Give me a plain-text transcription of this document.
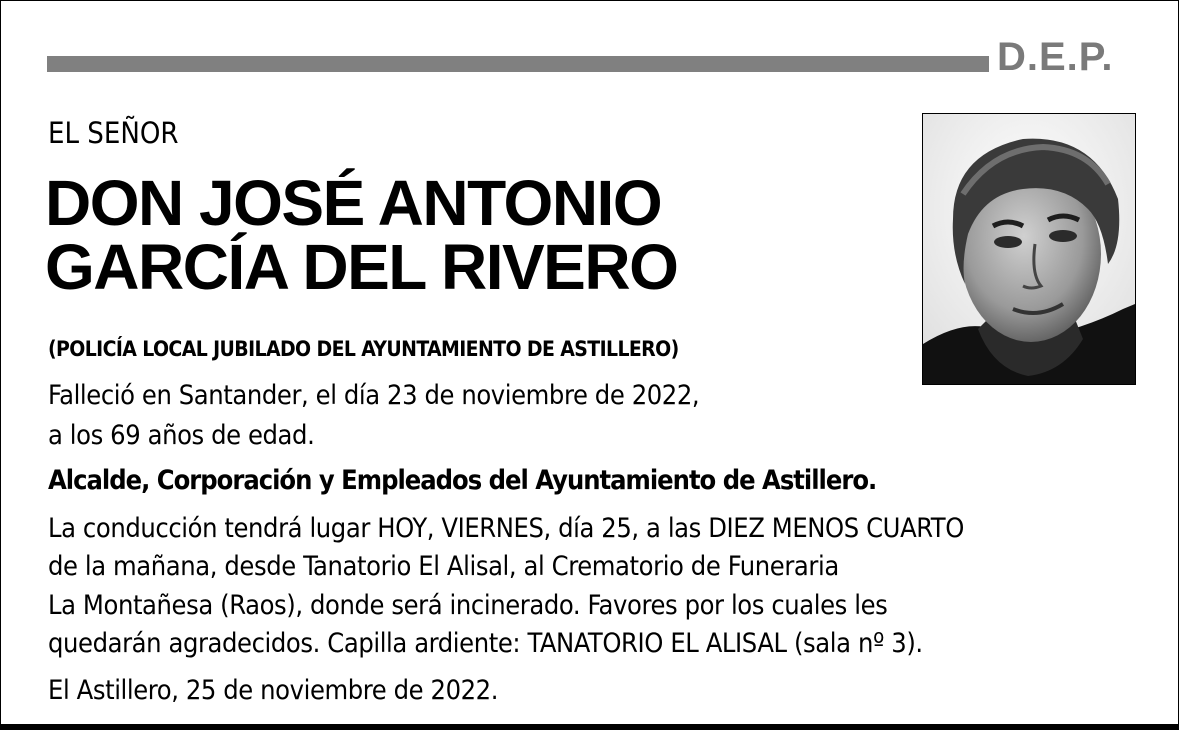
D.E.P.
EL SEÑOR
DON JOSÉ ANTONIO
GARCÍA DEL RIVERO
(POLICÍA LOCAL JUBILADO DEL AYUNTAMIENTO DE ASTILLERO)
Falleció en Santander, el día 23 de noviembre de 2022,
a los 69 años de edad.
Alcalde, Corporación y Empleados del Ayuntamiento de Astillero.
La conducción tendrá lugar HOY, VIERNES, día 25, a las DIEZ MENOS CUARTO
de la mañana, desde Tanatorio El Alisal, al Crematorio de Funeraria
La Montañesa (Raos), donde será incinerado. Favores por los cuales les
quedarán agradecidos. Capilla ardiente: TANATORIO EL ALISAL (sala nº 3).
El Astillero, 25 de noviembre de 2022.
